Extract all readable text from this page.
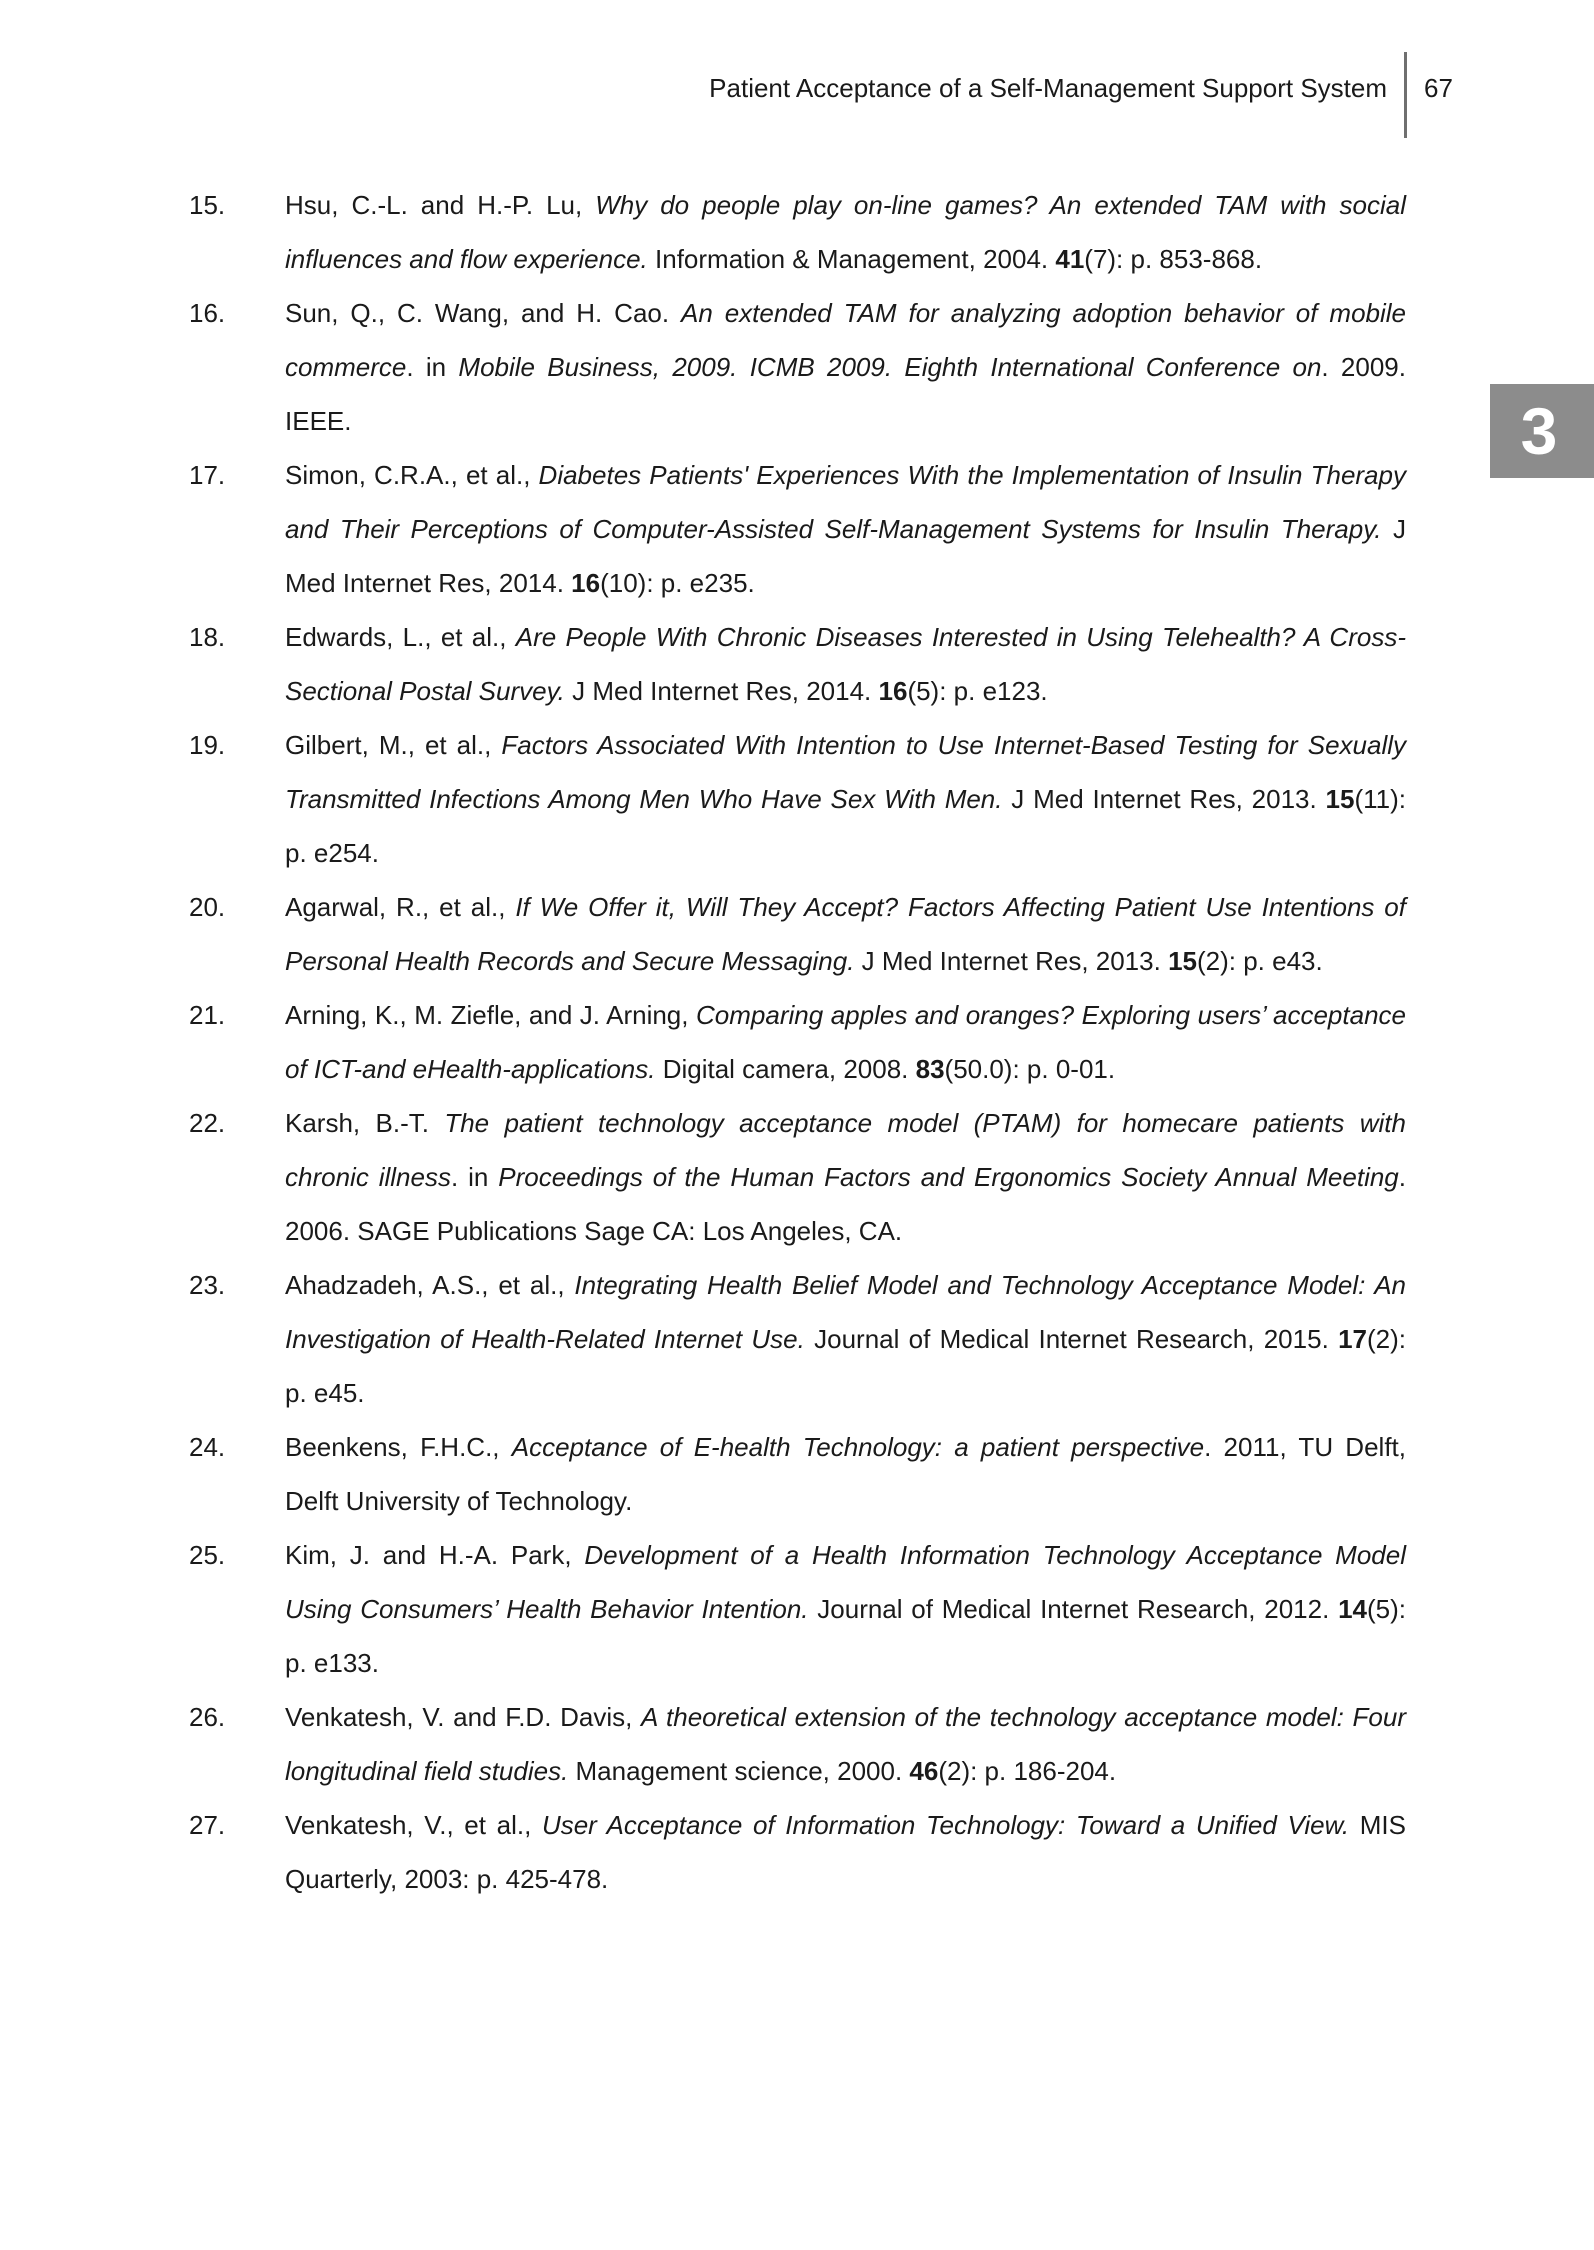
Patient Acceptance of a Self-Management Support System 67
3
15. Hsu, C.-L. and H.-P. Lu, Why do people play on-line games? An extended TAM with social influences and flow experience. Information & Management, 2004. 41(7): p. 853-868.
16. Sun, Q., C. Wang, and H. Cao. An extended TAM for analyzing adoption behavior of mobile commerce. in Mobile Business, 2009. ICMB 2009. Eighth International Conference on. 2009. IEEE.
17. Simon, C.R.A., et al., Diabetes Patients' Experiences With the Implementation of Insulin Therapy and Their Perceptions of Computer-Assisted Self-Management Systems for Insulin Therapy. J Med Internet Res, 2014. 16(10): p. e235.
18. Edwards, L., et al., Are People With Chronic Diseases Interested in Using Telehealth? A Cross-Sectional Postal Survey. J Med Internet Res, 2014. 16(5): p. e123.
19. Gilbert, M., et al., Factors Associated With Intention to Use Internet-Based Testing for Sexually Transmitted Infections Among Men Who Have Sex With Men. J Med Internet Res, 2013. 15(11): p. e254.
20. Agarwal, R., et al., If We Offer it, Will They Accept? Factors Affecting Patient Use Intentions of Personal Health Records and Secure Messaging. J Med Internet Res, 2013. 15(2): p. e43.
21. Arning, K., M. Ziefle, and J. Arning, Comparing apples and oranges? Exploring users’ acceptance of ICT-and eHealth-applications. Digital camera, 2008. 83(50.0): p. 0-01.
22. Karsh, B.-T. The patient technology acceptance model (PTAM) for homecare patients with chronic illness. in Proceedings of the Human Factors and Ergonomics Society Annual Meeting. 2006. SAGE Publications Sage CA: Los Angeles, CA.
23. Ahadzadeh, A.S., et al., Integrating Health Belief Model and Technology Acceptance Model: An Investigation of Health-Related Internet Use. Journal of Medical Internet Research, 2015. 17(2): p. e45.
24. Beenkens, F.H.C., Acceptance of E-health Technology: a patient perspective. 2011, TU Delft, Delft University of Technology.
25. Kim, J. and H.-A. Park, Development of a Health Information Technology Acceptance Model Using Consumers’ Health Behavior Intention. Journal of Medical Internet Research, 2012. 14(5): p. e133.
26. Venkatesh, V. and F.D. Davis, A theoretical extension of the technology acceptance model: Four longitudinal field studies. Management science, 2000. 46(2): p. 186-204.
27. Venkatesh, V., et al., User Acceptance of Information Technology: Toward a Unified View. MIS Quarterly, 2003: p. 425-478.
